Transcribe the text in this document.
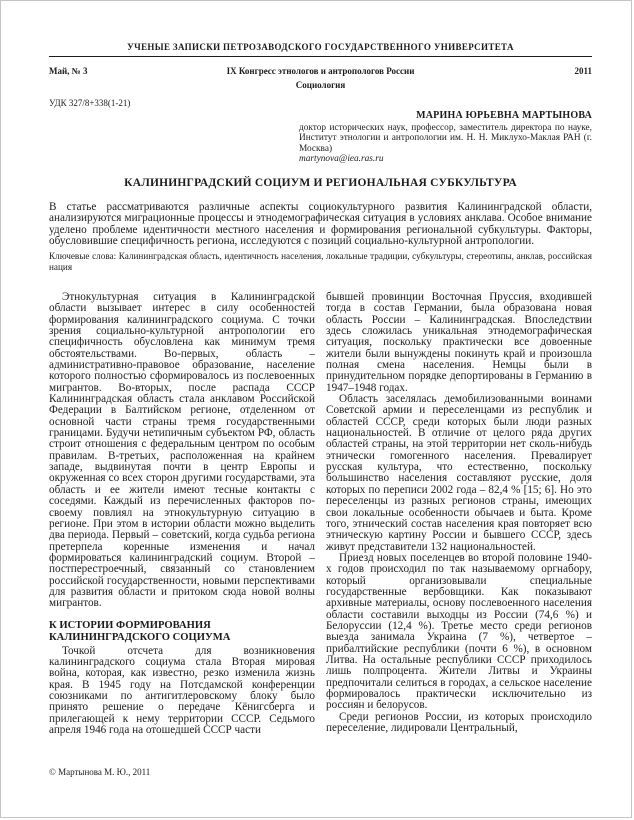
УЧЕНЫЕ ЗАПИСКИ ПЕТРОЗАВОДСКОГО ГОСУДАРСТВЕННОГО УНИВЕРСИТЕТА
Май, № 3	IX Конгресс этнологов и антропологов России	2011
Социология
УДК 327/8+338(1-21)
МАРИНА ЮРЬЕВНА МАРТЫНОВА
доктор исторических наук, профессор, заместитель директора по науке, Институт этнологии и антропологии им. Н. Н. Миклухо-Маклая РАН (г. Москва)
martynova@iea.ras.ru
КАЛИНИНГРАДСКИЙ СОЦИУМ И РЕГИОНАЛЬНАЯ СУБКУЛЬТУРА
В статье рассматриваются различные аспекты социокультурного развития Калининградской области, анализируются миграционные процессы и этнодемографическая ситуация в условиях анклава. Особое внимание уделено проблеме идентичности местного населения и формирования региональной субкультуры. Факторы, обусловившие специфичность региона, исследуются с позиций социально-культурной антропологии.
Ключевые слова: Калининградская область, идентичность населения, локальные традиции, субкультуры, стереотипы, анклав, российская нация

Этнокультурная ситуация в Калининградской области вызывает интерес в силу особенностей формирования калининградского социума. С точки зрения социально-культурной антропологии его специфичность обусловлена как минимум тремя обстоятельствами. Во-первых, область – административно-правовое образование, население которого полностью сформировалось из послевоенных мигрантов. Во-вторых, после распада СССР Калининградская область стала анклавом Российской Федерации в Балтийском регионе, отделенном от основной части страны тремя государственными границами. Будучи нетипичным субъектом РФ, область строит отношения с федеральным центром по особым правилам. В-третьих, расположенная на крайнем западе, выдвинутая почти в центр Европы и окруженная со всех сторон другими государствами, эта область и ее жители имеют тесные контакты с соседями. Каждый из перечисленных факторов по-своему повлиял на этнокультурную ситуацию в регионе. При этом в истории области можно выделить два периода. Первый – советский, когда судьба региона претерпела коренные изменения и начал формироваться калининградский социум. Второй – постперестроечный, связанный со становлением российской государственности, новыми перспективами для развития области и притоком сюда новой волны мигрантов.

К ИСТОРИИ ФОРМИРОВАНИЯ
КАЛИНИНГРАДСКОГО СОЦИУМА

Точкой отсчета для возникновения калининградского социума стала Вторая мировая война, которая, как известно, резко изменила жизнь края. В 1945 году на Потсдамской конференции союзниками по антигитлеровскому блоку было принято решение о передаче Кёнигсберга и прилегающей к нему территории СССР. Седьмого апреля 1946 года на отошедшей СССР части

бывшей провинции Восточная Пруссия, входившей тогда в состав Германии, была образована новая область России – Калининградская. Впоследствии здесь сложилась уникальная этнодемографическая ситуация, поскольку практически все довоенные жители были вынуждены покинуть край и произошла полная смена населения. Немцы были в принудительном порядке депортированы в Германию в 1947–1948 годах.

Область заселялась демобилизованными воинами Советской армии и переселенцами из республик и областей СССР, среди которых были люди разных национальностей. В отличие от целого ряда других областей страны, на этой территории нет сколь-нибудь этнически гомогенного населения. Превалирует русская культура, что естественно, поскольку большинство населения составляют русские, доля которых по переписи 2002 года – 82,4 % [15; 6]. Но это переселенцы из разных регионов страны, имеющих свои локальные особенности обычаев и быта. Кроме того, этнический состав населения края повторяет всю этническую картину России и бывшего СССР, здесь живут представители 132 национальностей.

Приезд новых поселенцев во второй половине 1940-х годов происходил по так называемому оргнабору, который организовывали специальные государственные вербовщики. Как показывают архивные материалы, основу послевоенного населения области составили выходцы из России (74,6 %) и Белоруссии (12,4 %). Третье место среди регионов выезда занимала Украина (7 %), четвертое – прибалтийские республики (почти 6 %), в основном Литва. На остальные республики СССР приходилось лишь полпроцента. Жители Литвы и Украины предпочитали селиться в городах, а сельское население формировалось практически исключительно из россиян и белорусов.

Среди регионов России, из которых происходило переселение, лидировали Центральный,

© Мартынова М. Ю., 2011
